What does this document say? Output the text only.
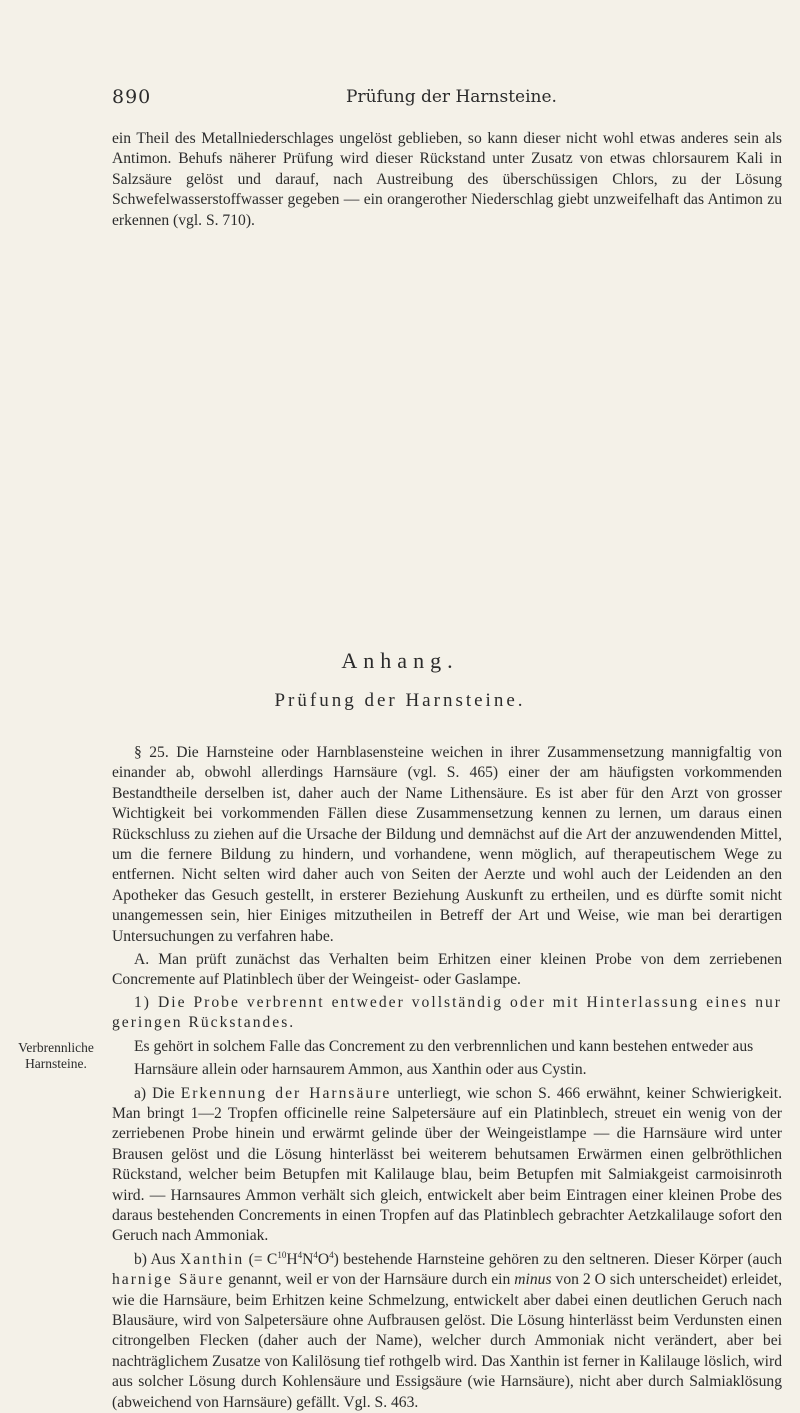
890	Prüfung der Harnsteine.

ein Theil des Metallniederschlages ungelöst geblieben, so kann dieser nicht wohl etwas anderes sein als Antimon. Behufs näherer Prüfung wird dieser Rückstand unter Zusatz von etwas chlorsaurem Kali in Salzsäure gelöst und darauf, nach Austreibung des überschüssigen Chlors, zu der Lösung Schwefelwasserstoffwasser gegeben — ein orangerother Niederschlag giebt unzweifelhaft das Antimon zu erkennen (vgl. S. 710).

Anhang.
Prüfung der Harnsteine.

§ 25. Die Harnsteine oder Harnblasensteine weichen in ihrer Zusammensetzung mannigfaltig von einander ab, obwohl allerdings Harnsäure (vgl. S. 465) einer der am häufigsten vorkommenden Bestandtheile derselben ist, daher auch der Name Lithensäure. Es ist aber für den Arzt von grosser Wichtigkeit bei vorkommenden Fällen diese Zusammensetzung kennen zu lernen, um daraus einen Rückschluss zu ziehen auf die Ursache der Bildung und demnächst auf die Art der anzuwendenden Mittel, um die fernere Bildung zu hindern, und vorhandene, wenn möglich, auf therapeutischem Wege zu entfernen. Nicht selten wird daher auch von Seiten der Aerzte und wohl auch der Leidenden an den Apotheker das Gesuch gestellt, in ersterer Beziehung Auskunft zu ertheilen, und es dürfte somit nicht unangemessen sein, hier Einiges mitzutheilen in Betreff der Art und Weise, wie man bei derartigen Untersuchungen zu verfahren habe.

A. Man prüft zunächst das Verhalten beim Erhitzen einer kleinen Probe von dem zerriebenen Concremente auf Platinblech über der Weingeist- oder Gaslampe.

1) Die Probe verbrennt entweder vollständig oder mit Hinterlassung eines nur geringen Rückstandes.

Es gehört in solchem Falle das Concrement zu den verbrennlichen und kann bestehen entweder aus

Harnsäure allein oder harnsaurem Ammon, aus Xanthin oder aus Cystin.

a) Die Erkennung der Harnsäure unterliegt, wie schon S. 466 erwähnt, keiner Schwierigkeit. Man bringt 1—2 Tropfen officinelle reine Salpetersäure auf ein Platinblech, streuet ein wenig von der zerriebenen Probe hinein und erwärmt gelinde über der Weingeistlampe — die Harnsäure wird unter Brausen gelöst und die Lösung hinterlässt bei weiterem behutsamen Erwärmen einen gelbröthlichen Rückstand, welcher beim Betupfen mit Kalilauge blau, beim Betupfen mit Salmiakgeist carmoisinroth wird. — Harnsaures Ammon verhält sich gleich, entwickelt aber beim Eintragen einer kleinen Probe des daraus bestehenden Concrements in einen Tropfen auf das Platinblech gebrachter Aetzkalilauge sofort den Geruch nach Ammoniak.

b) Aus Xanthin (= $C^{10}H^4N^4O^4$) bestehende Harnsteine gehören zu den seltneren. Dieser Körper (auch harnige Säure genannt, weil er von der Harnsäure durch ein minus von 2 O sich unterscheidet) erleidet, wie die Harnsäure, beim Erhitzen keine Schmelzung, entwickelt aber dabei einen deutlichen Geruch nach Blausäure, wird von Salpetersäure ohne Aufbrausen gelöst. Die Lösung hinterlässt beim Verdunsten einen citrongelben Flecken (daher auch der Name), welcher durch Ammoniak nicht verändert, aber bei nachträglichem Zusatze von Kalilösung tief rothgelb wird. Das Xanthin ist ferner in Kalilauge löslich, wird aus solcher Lösung durch Kohlensäure und Essigsäure (wie Harnsäure), nicht aber durch Salmiaklösung (abweichend von Harnsäure) gefällt. Vgl. S. 463.

Verbrennliche Harnsteine.
